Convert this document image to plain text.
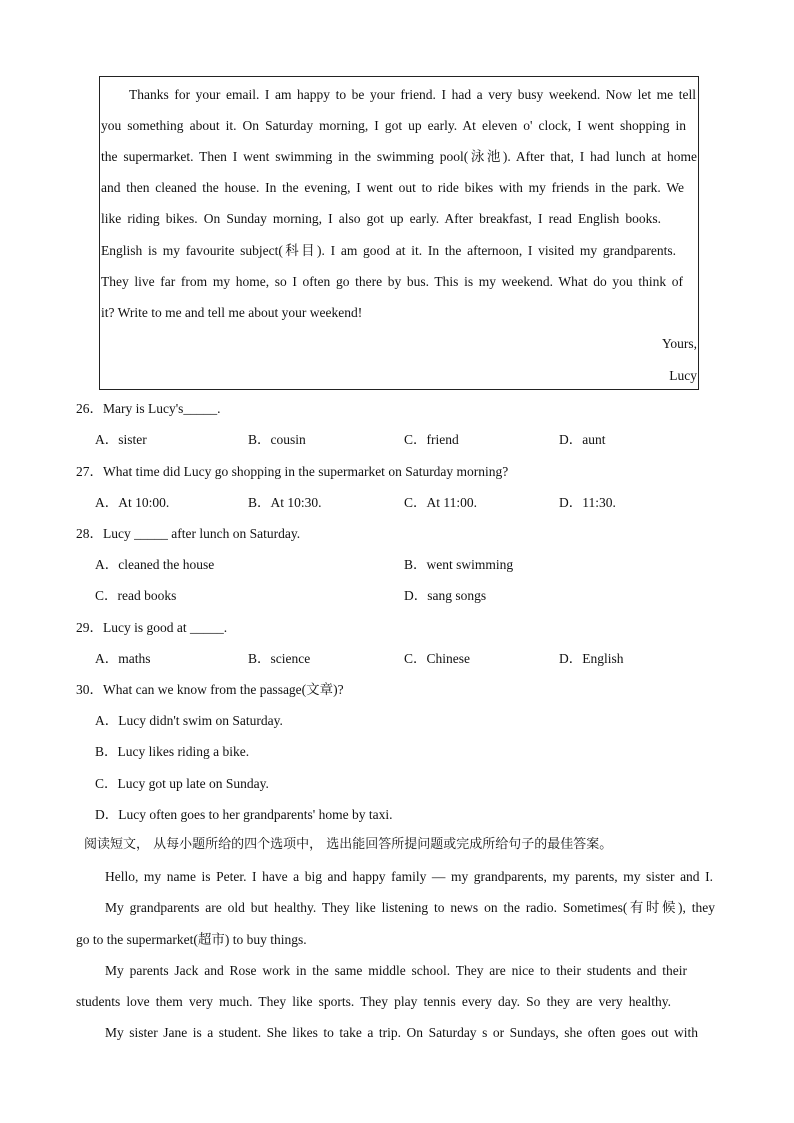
Thanks for your email. I am happy to be your friend. I had a very busy weekend. Now let me tell
you something about it. On Saturday morning, I got up early. At eleven o' clock, I went shopping in
the supermarket. Then I went swimming in the swimming pool(泳池). After that, I had lunch at home
and then cleaned the house. In the evening, I went out to ride bikes with my friends in the park. We
like riding bikes. On Sunday morning, I also got up early. After breakfast, I read English books.
English is my favourite subject(科目). I am good at it. In the afternoon, I visited my grandparents.
They live far from my home, so I often go there by bus. This is my weekend. What do you think of
it? Write to me and tell me about your weekend!
Yours,
Lucy
26．Mary is Lucy's_____.
A．sister	B．cousin	C．friend	D．aunt
27．What time did Lucy go shopping in the supermarket on Saturday morning?
A．At 10:00.	B．At 10:30.	C．At 11:00.	D．11:30.
28．Lucy _____ after lunch on Saturday.
A．cleaned the house	B．went swimming
C．read books	D．sang songs
29．Lucy is good at _____.
A．maths	B．science	C．Chinese	D．English
30．What can we know from the passage(文章)?
A．Lucy didn't swim on Saturday.
B．Lucy likes riding a bike.
C．Lucy got up late on Sunday.
D．Lucy often goes to her grandparents' home by taxi.
阅读短文， 从每小题所给的四个选项中， 选出能回答所提问题或完成所给句子的最佳答案。
Hello, my name is Peter. I have a big and happy family — my grandparents, my parents, my sister and I.
My grandparents are old but healthy. They like listening to news on the radio. Sometimes(有时候), they
go to the supermarket(超市) to buy things.
My parents Jack and Rose work in the same middle school. They are nice to their students and their
students love them very much. They like sports. They play tennis every day. So they are very healthy.
My sister Jane is a student. She likes to take a trip. On Saturday s or Sundays, she often goes out with
